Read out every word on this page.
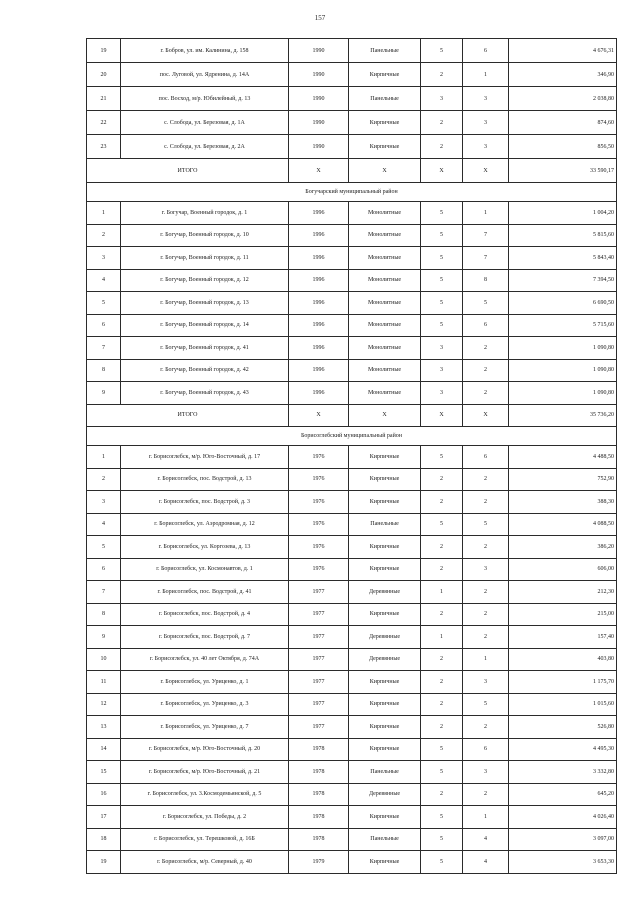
157
19	г. Бобров, ул. им. Калинина, д. 158	1990	Панельные	5	6	4 676,31
20	пос. Луговой, ул. Ядренина, д. 14А	1990	Кирпичные	2	1	346,90
21	пос. Восход, м/р. Юбилейный, д. 13	1990	Панельные	3	3	2 038,80
22	с. Слобода, ул. Березовая, д. 1А	1990	Кирпичные	2	3	874,60
23	с. Слобода, ул. Березовая, д. 2А	1990	Кирпичные	2	3	856,50
ИТОГО		Х	Х	Х	Х	33 590,17
Богучарский муниципальный район						
1	г. Богучар, Военный городок, д. 1	1996	Монолитные	5	1	1 004,20
2	г. Богучар, Военный городок, д. 10	1996	Монолитные	5	7	5 815,60
3	г. Богучар, Военный городок, д. 11	1996	Монолитные	5	7	5 843,40
4	г. Богучар, Военный городок, д. 12	1996	Монолитные	5	8	7 394,50
5	г. Богучар, Военный городок, д. 13	1996	Монолитные	5	5	6 690,50
6	г. Богучар, Военный городок, д. 14	1996	Монолитные	5	6	5 715,60
7	г. Богучар, Военный городок, д. 41	1996	Монолитные	3	2	1 090,80
8	г. Богучар, Военный городок, д. 42	1996	Монолитные	3	2	1 090,80
9	г. Богучар, Военный городок, д. 43	1996	Монолитные	3	2	1 090,80
ИТОГО		Х	Х	Х	Х	35 736,20
Борисоглебский муниципальный район						
1	г. Борисоглебск, м/р. Юго-Восточный, д. 17	1976	Кирпичные	5	6	4 488,50
2	г. Борисоглебск, пос. Водстрой, д. 13	1976	Кирпичные	2	2	752,90
3	г. Борисоглебск, пос. Водстрой, д. 3	1976	Кирпичные	2	2	388,30
4	г. Борисоглебск, ул. Аэродромная, д. 12	1976	Панельные	5	5	4 088,50
5	г. Борисоглебск, ул. Коргозева, д. 13	1976	Кирпичные	2	2	386,20
6	г. Борисоглебск, ул. Космонавтов, д. 1	1976	Кирпичные	2	3	606,00
7	г. Борисоглебск, пос. Водстрой, д. 41	1977	Деревянные	1	2	212,30
8	г. Борисоглебск, пос. Водстрой, д. 4	1977	Кирпичные	2	2	215,00
9	г. Борисоглебск, пос. Водстрой, д. 7	1977	Деревянные	1	2	157,40
10	г. Борисоглебск, ул. 40 лет Октября, д. 74А	1977	Деревянные	2	1	403,80
11	г. Борисоглебск, ул. Уриценко, д. 1	1977	Кирпичные	2	3	1 175,70
12	г. Борисоглебск, ул. Уриценко, д. 3	1977	Кирпичные	2	5	1 015,60
13	г. Борисоглебск, ул. Уриценко, д. 7	1977	Кирпичные	2	2	526,80
14	г. Борисоглебск, м/р. Юго-Восточный, д. 20	1978	Кирпичные	5	6	4 495,30
15	г. Борисоглебск, м/р. Юго-Восточный, д. 21	1978	Панельные	5	3	3 332,80
16	г. Борисоглебск, ул. 3.Космодемьянской, д. 5	1978	Деревянные	2	2	645,20
17	г. Борисоглебск, ул. Победы, д. 2	1978	Кирпичные	5	1	4 026,40
18	г. Борисоглебск, ул. Терешковой, д. 16Б	1978	Панельные	5	4	3 097,00
19	г. Борисоглебск, м/р. Северный, д. 40	1979	Кирпичные	5	4	3 653,30
